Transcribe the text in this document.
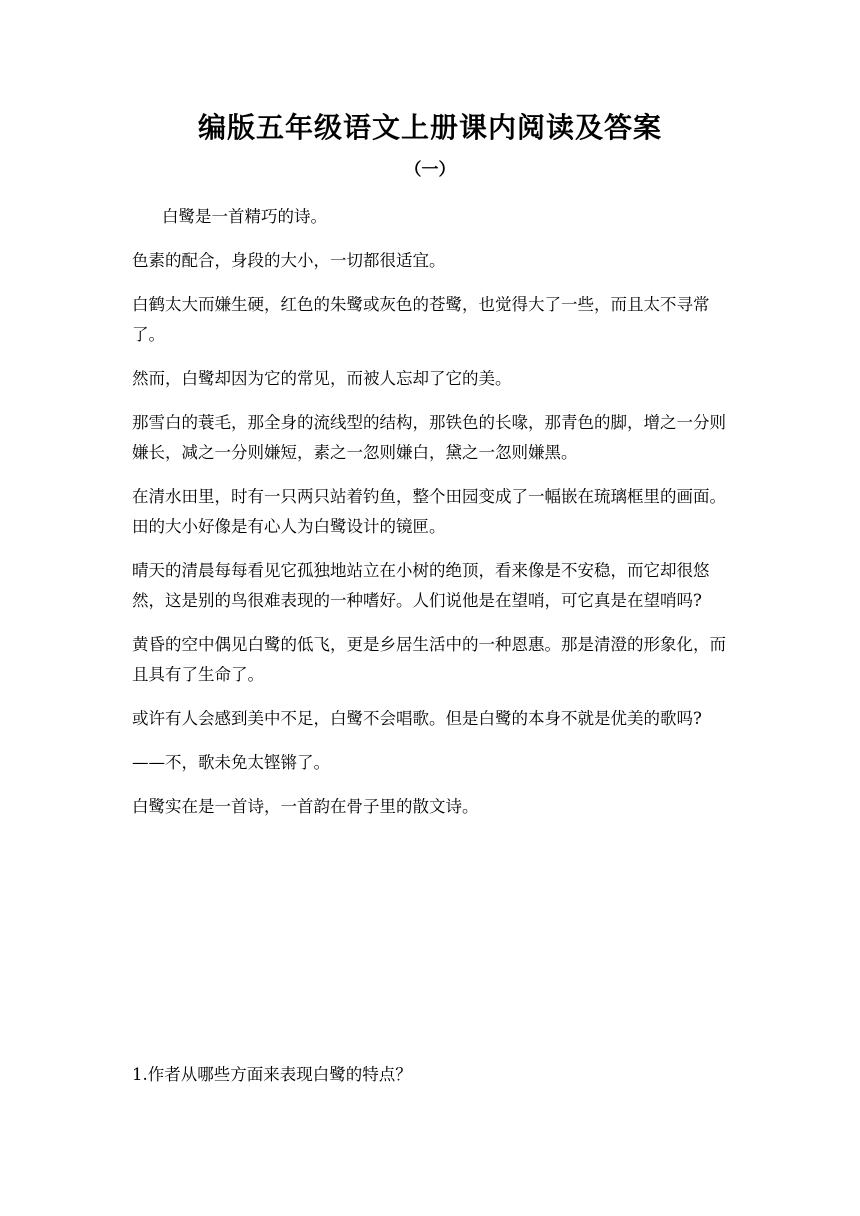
编版五年级语文上册课内阅读及答案
（一）

白鹭是一首精巧的诗。

色素的配合，身段的大小，一切都很适宜。

白鹤太大而嫌生硬，红色的朱鹭或灰色的苍鹭，也觉得大了一些，而且太不寻常了。

然而，白鹭却因为它的常见，而被人忘却了它的美。

那雪白的蓑毛，那全身的流线型的结构，那铁色的长喙，那青色的脚，增之一分则嫌长，减之一分则嫌短，素之一忽则嫌白，黛之一忽则嫌黑。

在清水田里，时有一只两只站着钓鱼，整个田园变成了一幅嵌在琉璃框里的画面。田的大小好像是有心人为白鹭设计的镜匣。

晴天的清晨每每看见它孤独地站立在小树的绝顶，看来像是不安稳，而它却很悠然，这是别的鸟很难表现的一种嗜好。人们说他是在望哨，可它真是在望哨吗?

黄昏的空中偶见白鹭的低飞，更是乡居生活中的一种恩惠。那是清澄的形象化，而且具有了生命了。

或许有人会感到美中不足，白鹭不会唱歌。但是白鹭的本身不就是优美的歌吗?

——不，歌未免太铿锵了。

白鹭实在是一首诗，一首韵在骨子里的散文诗。

1.作者从哪些方面来表现白鹭的特点？
